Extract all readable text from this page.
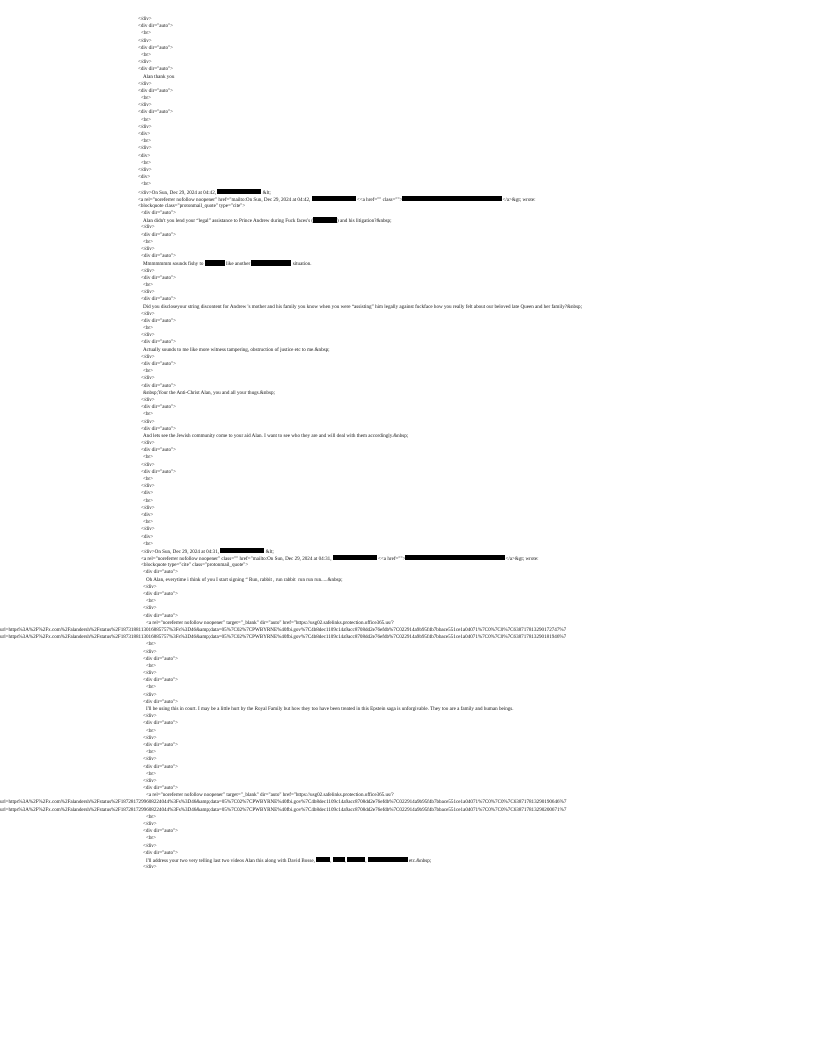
</div>
<div dir="auto">
<br>
</div>
<div dir="auto">
<br>
</div>
<div dir="auto">
Alan thank you
</div>
<div dir="auto">
<br>
</div>
<div dir="auto">
<br>
</div>
<div>
<br>
</div>
<div>
<br>
</div>
<div>
<br>
</div>On Sun, Dec 29, 2024 at 04:42,	&lt;
<a rel="noreferrer nofollow noopener" href="mailto:On Sun, Dec 29, 2024 at 04:42,	<<a href="" class="">	</a>&gt; wrote:
<blockquote class="protonmail_quote" type="cite">
<div dir="auto">
Alan didn't you lend your “legal” assistance to Prince Andrew during Fuck faces's (	) and his litigation?&nbsp;
</div>
<div dir="auto">
<br>
</div>
<div dir="auto">
Mmmmmmm sounds fishy to	like another	situation.
</div>
<div dir="auto">
<br>
</div>
<div dir="auto">
Did you discloseyour string discontent for Andrew 's mother and his family you know when you were “assisting” him legally against fuckface how you really felt about our beloved late Queen and her family?&nbsp;
</div>
<div dir="auto">
<br>
</div>
<div dir="auto">
Actually sounds to me like more witness tampering, obstruction of justice etc to me.&nbsp;
</div>
<div dir="auto">
<br>
</div>
<div dir="auto">
&nbsp;Your the Anti-Christ Alan, you and all your thugs.&nbsp;
</div>
<div dir="auto">
<br>
</div>
<div dir="auto">
And lets see the Jewish community come to your aid Alan. I want to see who they are and will deal with them accordingly.&nbsp;
</div>
<div dir="auto">
<br>
</div>
<div dir="auto">
<br>
</div>
<div>
<br>
</div>
<div>
<br>
</div>
<div>
<br>
</div>On Sun, Dec 29, 2024 at 04:31,	&lt;
<a rel="noreferrer nofollow noopener" class="" href="mailto:On Sun, Dec 29, 2024 at 04:31,	<<a href="">	</a>&gt; wrote:
<blockquote type="cite" class="protonmail_quote">
<div dir="auto">
Oh Alan, everytime i think of you I start signing “ Run, rabbit , run rabbit  run run run.....&nbsp;
</div>
<div dir="auto">
<br>
</div>
<div dir="auto">
<a rel="noreferrer nofollow noopener" target="_blank" dir="auto" href="https://usg02.safelinks.protection.office365.us/?
url=https%3A%2F%2Fx.com%2Falandersh%2Fstatus%2F1873188113016885757%3Fs%3D46&amp;data=05%7C02%7CPWBYRNE%40fbi.gov%7C4b8dec1109c14a9acc8708dd2e76efdb%7C022914a9b95f4b7bbace551ce1a04071%7C0%7C0%7C638717813290172747%7
url=https%3A%2F%2Fx.com%2Falandersh%2Fstatus%2F1873188113016885757%3Fs%3D46&amp;data=05%7C02%7CPWBYRNE%40fbi.gov%7C4b8dec1109c14a9acc8708dd2e76efdb%7C022914a9b95f4b7bbace551ce1a04071%7C0%7C0%7C638717813290181946%7
<br>
</div>
<div dir="auto">
<br>
</div>
<div dir="auto">
<br>
</div>
<div dir="auto">
I'll be using this in court. I may be a little hurt by the Royal Family but how they too have been treated in this Epstein saga is unforgivable. They too are a family and human beings.
</div>
<div dir="auto">
<br>
</div>
<div dir="auto">
<br>
</div>
<div dir="auto">
<br>
</div>
<div dir="auto">
<a rel="noreferrer nofollow noopener" target="_blank" dir="auto" href="https://usg02.safelinks.protection.office365.us/?
url=https%3A%2F%2Fx.com%2Falandersh%2Fstatus%2F1872817299608224044%3Fs%3D46&amp;data=05%7C02%7CPWBYRNE%40fbi.gov%7C4b8dec1109c14a9acc8708dd2e76efdb%7C022914a9b95f4b7bbace551ce1a04071%7C0%7C0%7C638717813290190646%7
url=https%3A%2F%2Fx.com%2Falandersh%2Fstatus%2F1872817299608224044%3Fs%3D46&amp;data=05%7C02%7CPWBYRNE%40fbi.gov%7C4b8dec1109c14a9acc8708dd2e76efdb%7C022914a9b95f4b7bbace551ce1a04071%7C0%7C0%7C638717813290200671%7
<br>
</div>
<div dir="auto">
<br>
</div>
<div dir="auto">
I'll address your two very telling last two videos Alan this along with David Bosse,	, ,	,	etc.&nbsp;
</div>
